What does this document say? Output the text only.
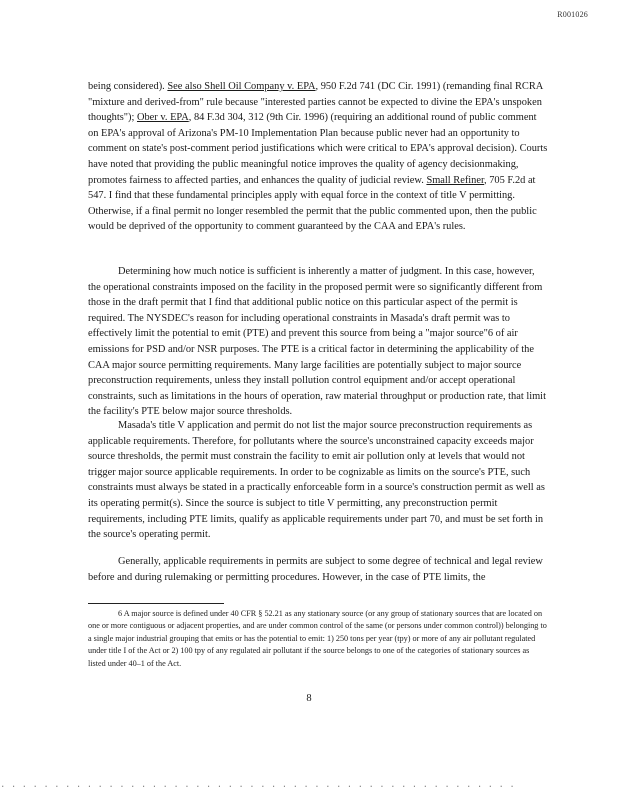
R001026
being considered). See also Shell Oil Company v. EPA, 950 F.2d 741 (DC Cir. 1991) (remanding final RCRA "mixture and derived-from" rule because "interested parties cannot be expected to divine the EPA's unspoken thoughts"); Ober v. EPA, 84 F.3d 304, 312 (9th Cir. 1996) (requiring an additional round of public comment on EPA's approval of Arizona's PM-10 Implementation Plan because public never had an opportunity to comment on state's post-comment period justifications which were critical to EPA's approval decision). Courts have noted that providing the public meaningful notice improves the quality of agency decisionmaking, promotes fairness to affected parties, and enhances the quality of judicial review. Small Refiner, 705 F.2d at 547. I find that these fundamental principles apply with equal force in the context of title V permitting. Otherwise, if a final permit no longer resembled the permit that the public commented upon, then the public would be deprived of the opportunity to comment guaranteed by the CAA and EPA's rules.

Determining how much notice is sufficient is inherently a matter of judgment. In this case, however, the operational constraints imposed on the facility in the proposed permit were so significantly different from those in the draft permit that I find that additional public notice on this particular aspect of the permit is required. The NYSDEC's reason for including operational constraints in Masada's draft permit was to effectively limit the potential to emit (PTE) and prevent this source from being a "major source"6 of air emissions for PSD and/or NSR purposes. The PTE is a critical factor in determining the applicability of the CAA major source permitting requirements. Many large facilities are potentially subject to major source preconstruction requirements, unless they install pollution control equipment and/or accept operational constraints, such as limitations in the hours of operation, raw material throughput or production rate, that limit the facility's PTE below major source thresholds.

Masada's title V application and permit do not list the major source preconstruction requirements as applicable requirements. Therefore, for pollutants where the source's unconstrained capacity exceeds major source thresholds, the permit must constrain the facility to emit air pollution only at levels that would not trigger major source applicable requirements. In order to be cognizable as limits on the source's PTE, such constraints must always be stated in a practically enforceable form in a source's construction permit as well as its operating permit(s). Since the source is subject to title V permitting, any preconstruction permit requirements, including PTE limits, qualify as applicable requirements under part 70, and must be set forth in the source's operating permit.

Generally, applicable requirements in permits are subject to some degree of technical and legal review before and during rulemaking or permitting procedures. However, in the case of PTE limits, the

6 A major source is defined under 40 CFR § 52.21 as any stationary source (or any group of stationary sources that are located on one or more contiguous or adjacent properties, and are under common control of the same (or persons under common control)) belonging to a single major industrial grouping that emits or has the potential to emit: 1) 250 tons per year (tpy) or more of any air pollutant regulated under title I of the Act or 2) 100 tpy of any regulated air pollutant if the source belongs to one of the categories of stationary sources as listed under 40–1 of the Act.
8
. . . . . . . . . . . . . . . . . . . . . . . . . . . . . . . . . . . . . . . . . . . . . . . .
